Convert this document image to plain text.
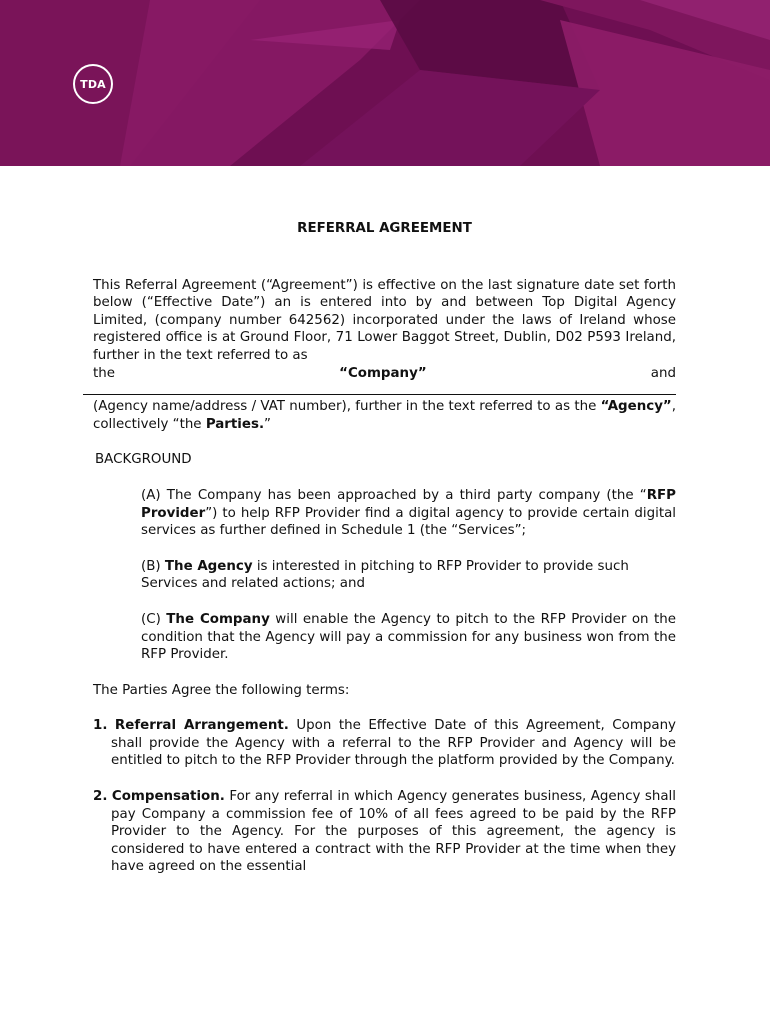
TDA

REFERRAL AGREEMENT

This Referral Agreement (“Agreement”) is effective on the last signature date set forth below (“Effective Date”) an is entered into by and between Top Digital Agency Limited, (company number 642562) incorporated under the laws of Ireland whose registered office is at Ground Floor, 71 Lower Baggot Street, Dublin, D02 P593 Ireland, further in the text referred to as

the	“Company”	and

(Agency name/address / VAT number), further in the text referred to as the “Agency”, collectively “the Parties.”

BACKGROUND

(A) The Company has been approached by a third party company (the “RFP Provider”) to help RFP Provider find a digital agency to provide certain digital services as further defined in Schedule 1 (the “Services”;

(B) The Agency is interested in pitching to RFP Provider to provide such Services and related actions; and

(C) The Company will enable the Agency to pitch to the RFP Provider on the condition that the Agency will pay a commission for any business won from the RFP Provider.

The Parties Agree the following terms:

1. Referral Arrangement. Upon the Effective Date of this Agreement, Company shall provide the Agency with a referral to the RFP Provider and Agency will be entitled to pitch to the RFP Provider through the platform provided by the Company.

2. Compensation. For any referral in which Agency generates business, Agency shall pay Company a commission fee of 10% of all fees agreed to be paid by the RFP Provider to the Agency. For the purposes of this agreement, the agency is considered to have entered a contract with the RFP Provider at the time when they have agreed on the essential
